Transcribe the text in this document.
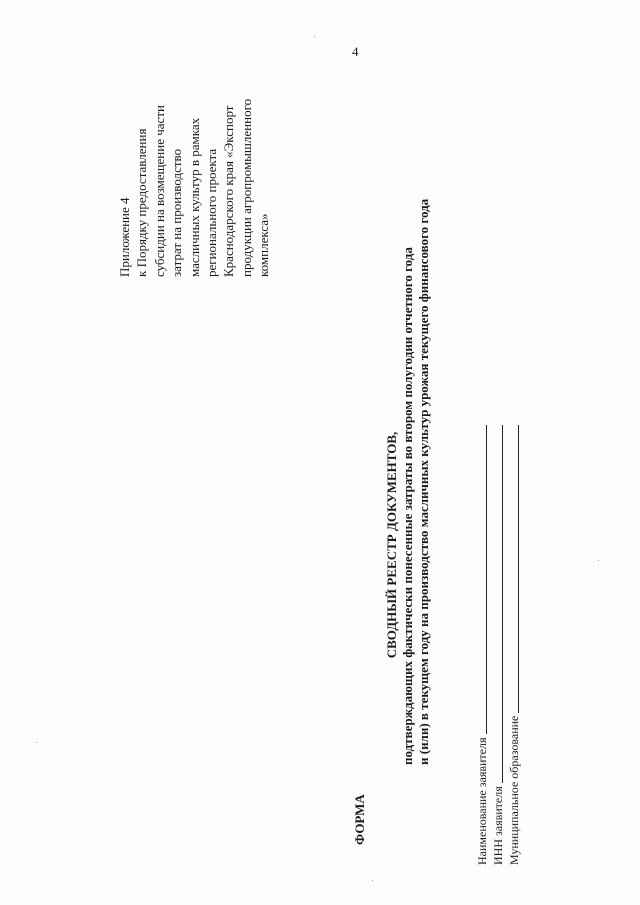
4
Приложение 4 к Порядку предоставления субсидии на возмещение части затрат на производство масличных культур в рамках регионального проекта Краснодарского края «Экспорт продукции агропромышленного комплекса»
ФОРМА
СВОДНЫЙ РЕЕСТР ДОКУМЕНТОВ, подтверждающих фактически понесенные затраты во втором полугодии отчетного года и (или) в текущем году на производство масличных культур урожая текущего финансового года
Наименование заявителя ИНН заявителя Муниципальное образование
